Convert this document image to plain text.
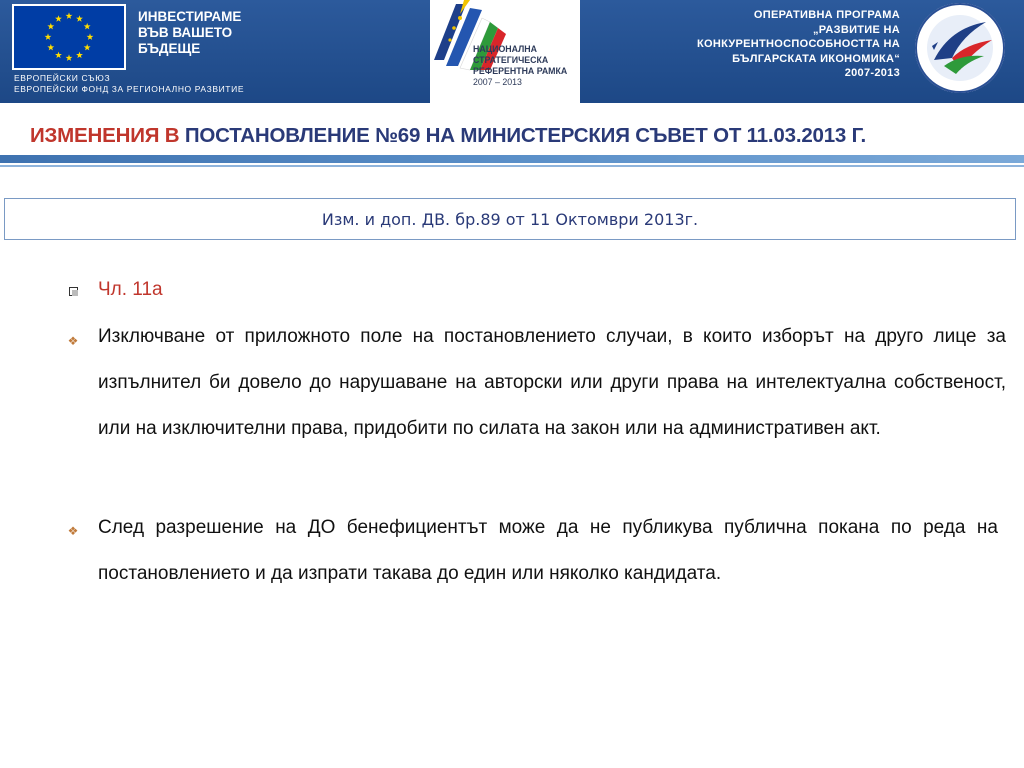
ИНВЕСТИРАМЕ
ВЪВ ВАШЕТО
БЪДЕЩЕ
ЕВРОПЕЙСКИ СЪЮЗ
ЕВРОПЕЙСКИ ФОНД ЗА РЕГИОНАЛНО РАЗВИТИЕ
НАЦИОНАЛНА
СТРАТЕГИЧЕСКА
РЕФЕРЕНТНА РАМКА
2007 – 2013
ОПЕРАТИВНА ПРОГРАМА
„РАЗВИТИЕ НА
КОНКУРЕНТНОСПОСОБНОСТТА НА
БЪЛГАРСКАТА ИКОНОМИКА“
2007-2013
ИЗМЕНЕНИЯ В ПОСТАНОВЛЕНИЕ №69 НА МИНИСТЕРСКИЯ СЪВЕТ ОТ 11.03.2013 Г.
Изм. и доп. ДВ. бр.89 от 11 Октомври 2013г.
Чл. 11а
❖ Изключване от приложното поле на постановлението случаи, в които изборът на друго лице за изпълнител би довело до нарушаване на авторски или други права на интелектуална собственост, или на изключителни права, придобити по силата на закон или на административен акт.
❖ След разрешение на ДО бенефициентът може да не публикува публична покана по реда на постановлението и да изпрати такава до един или няколко кандидата.
